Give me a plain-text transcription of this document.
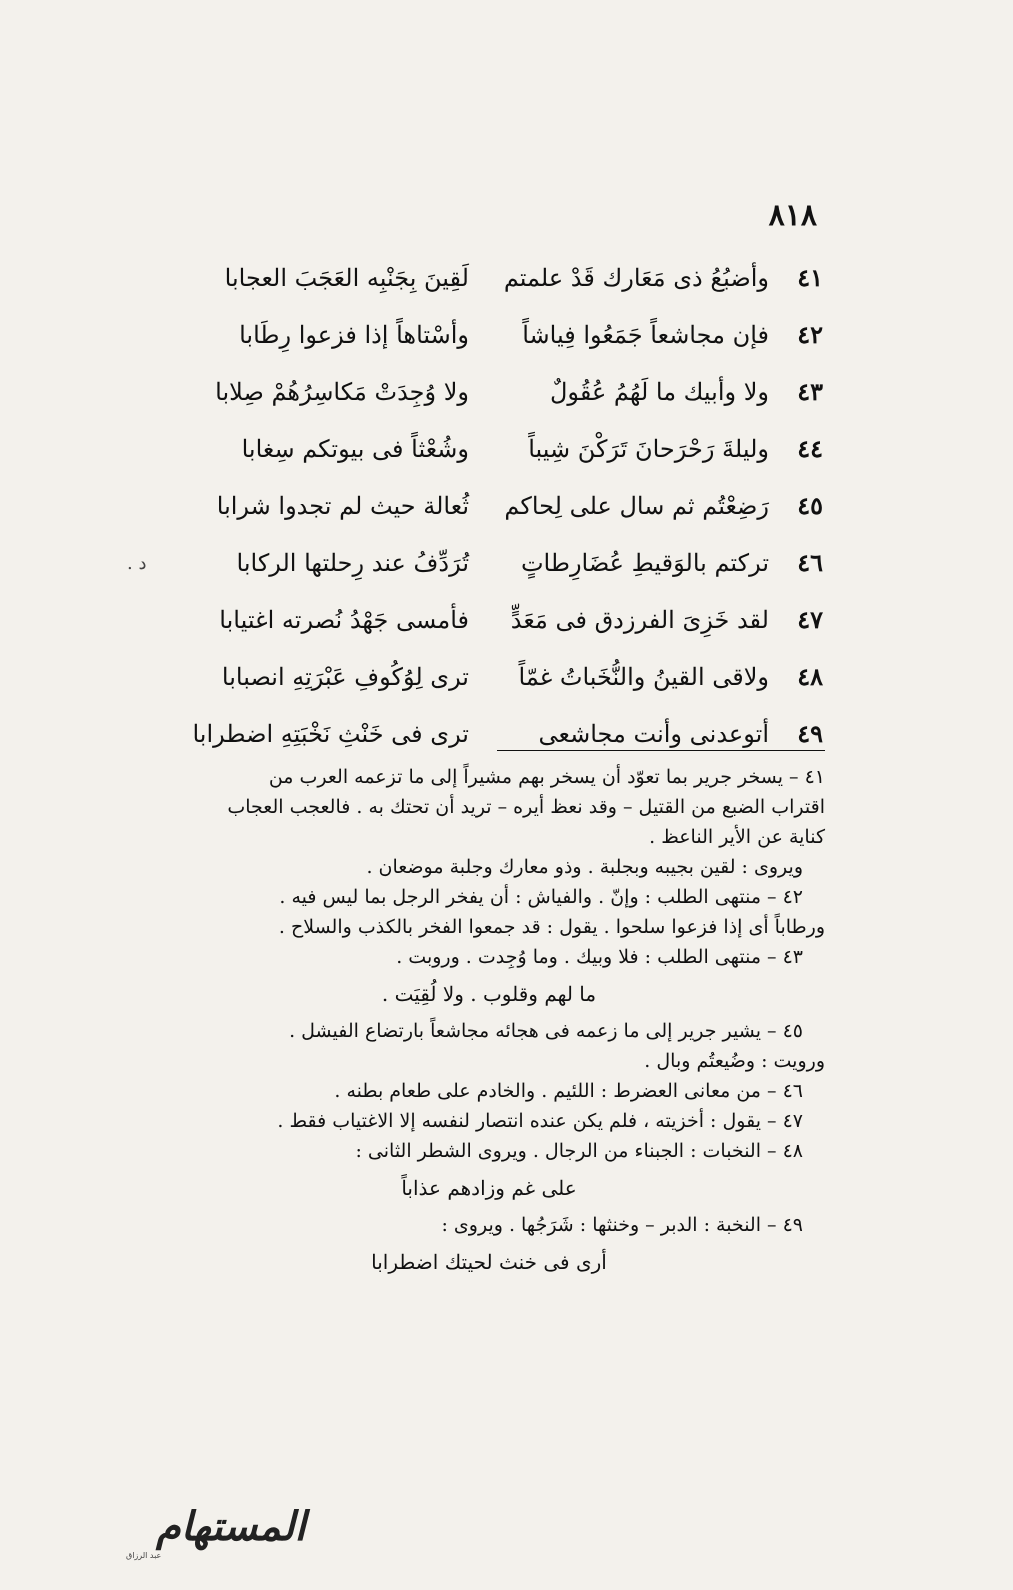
٨١٨
٤١
وأضبُعُ ذى مَعَارك قَدْ علمتم
لَقِينَ بِجَنْبِه العَجَبَ العجابا
٤٢
فإن مجاشعاً جَمَعُوا فِياشاً
وأسْتاهاً إذا فزعوا رِطَابا
٤٣
ولا وأبيك ما لَهُمُ عُقُولٌ
ولا وُجِدَتْ مَكاسِرُهُمْ صِلابا
٤٤
وليلةَ رَحْرَحانَ تَرَكْنَ شِيباً
وشُعْثاً فى بيوتكم سِغابا
٤٥
رَضِعْتُم ثم سال على لِحاكم
ثُعالة حيث لم تجدوا شرابا
٤٦
تركتم بالوَقيطِ عُضَارِطاتٍ
تُرَدِّفُ عند رِحلتها الركابا
د .
٤٧
لقد خَزِىَ الفرزدق فى مَعَدٍّ
فأمسى جَهْدُ نُصرته اغتيابا
٤٨
ولاقى القينُ والنُّخَباتُ غمّاً
ترى لِوُكُوفِ عَبْرَتِهِ انصبابا
٤٩
أتوعدنى وأنت مجاشعى
ترى فى خَنْثِ نَخْبَتِهِ اضطرابا

٤١ – يسخر جرير بما تعوّد أن يسخر بهم مشيراً إلى ما تزعمه العرب من

اقتراب الضبع من القتيل – وقد نعظ أيره – تريد أن تحتك به . فالعجب العجاب

كناية عن الأير الناعظ .

ويروى : لقين بجيبه وبجلبة . وذو معارك وجلبة موضعان .

٤٢ – منتهى الطلب : وإنّ . والفياش : أن يفخر الرجل بما ليس فيه .

ورطاباً أى إذا فزعوا سلحوا . يقول : قد جمعوا الفخر بالكذب والسلاح .

٤٣ – منتهى الطلب : فلا وبيك . وما وُجِدت . وروبت .

ما لهم وقلوب . ولا لُقِيَت .

٤٥ – يشير جرير إلى ما زعمه فى هجائه مجاشعاً بارتضاع الفيشل .

ورويت : وضُيعتُم وبال .

٤٦ – من معانى العضرط : اللئيم . والخادم على طعام بطنه .

٤٧ – يقول : أخزيته ، فلم يكن عنده انتصار لنفسه إلا الاغتياب فقط .

٤٨ – النخبات : الجبناء من الرجال . ويروى الشطر الثانى :

على غم وزادهم عذاباً

٤٩ – النخبة : الدبر – وخنثها : شَرَجُها . ويروى :

أرى فى خنث لحيتك اضطرابا

المستهام
عبد الرزاق
